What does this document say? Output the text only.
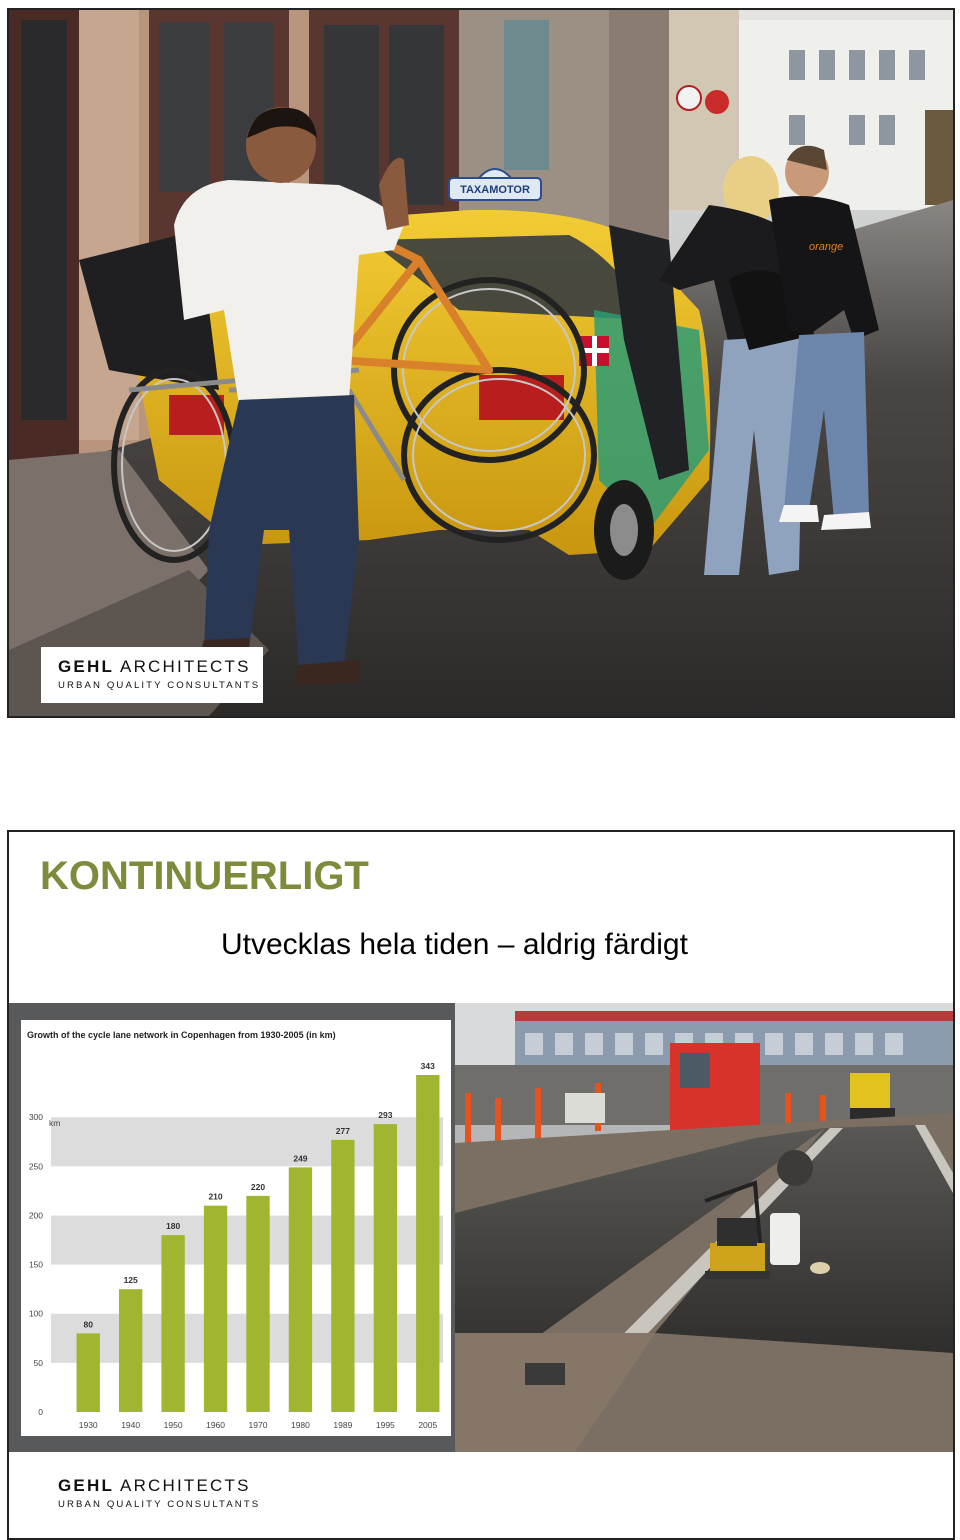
TAXAMOTOR
orange
GEHL ARCHITECTS
URBAN QUALITY CONSULTANTS
KONTINUERLIGT
Utvecklas hela tiden – aldrig färdigt
Growth of the cycle lane network in Copenhagen from 1930-2005 (in km)
0
50
100
150
200
250
300
km
80
125
180
210
220
249
277
293
343
1930	1940	1950	1960	1970	1980	1989	1995	2005
GEHL ARCHITECTS
URBAN QUALITY CONSULTANTS
